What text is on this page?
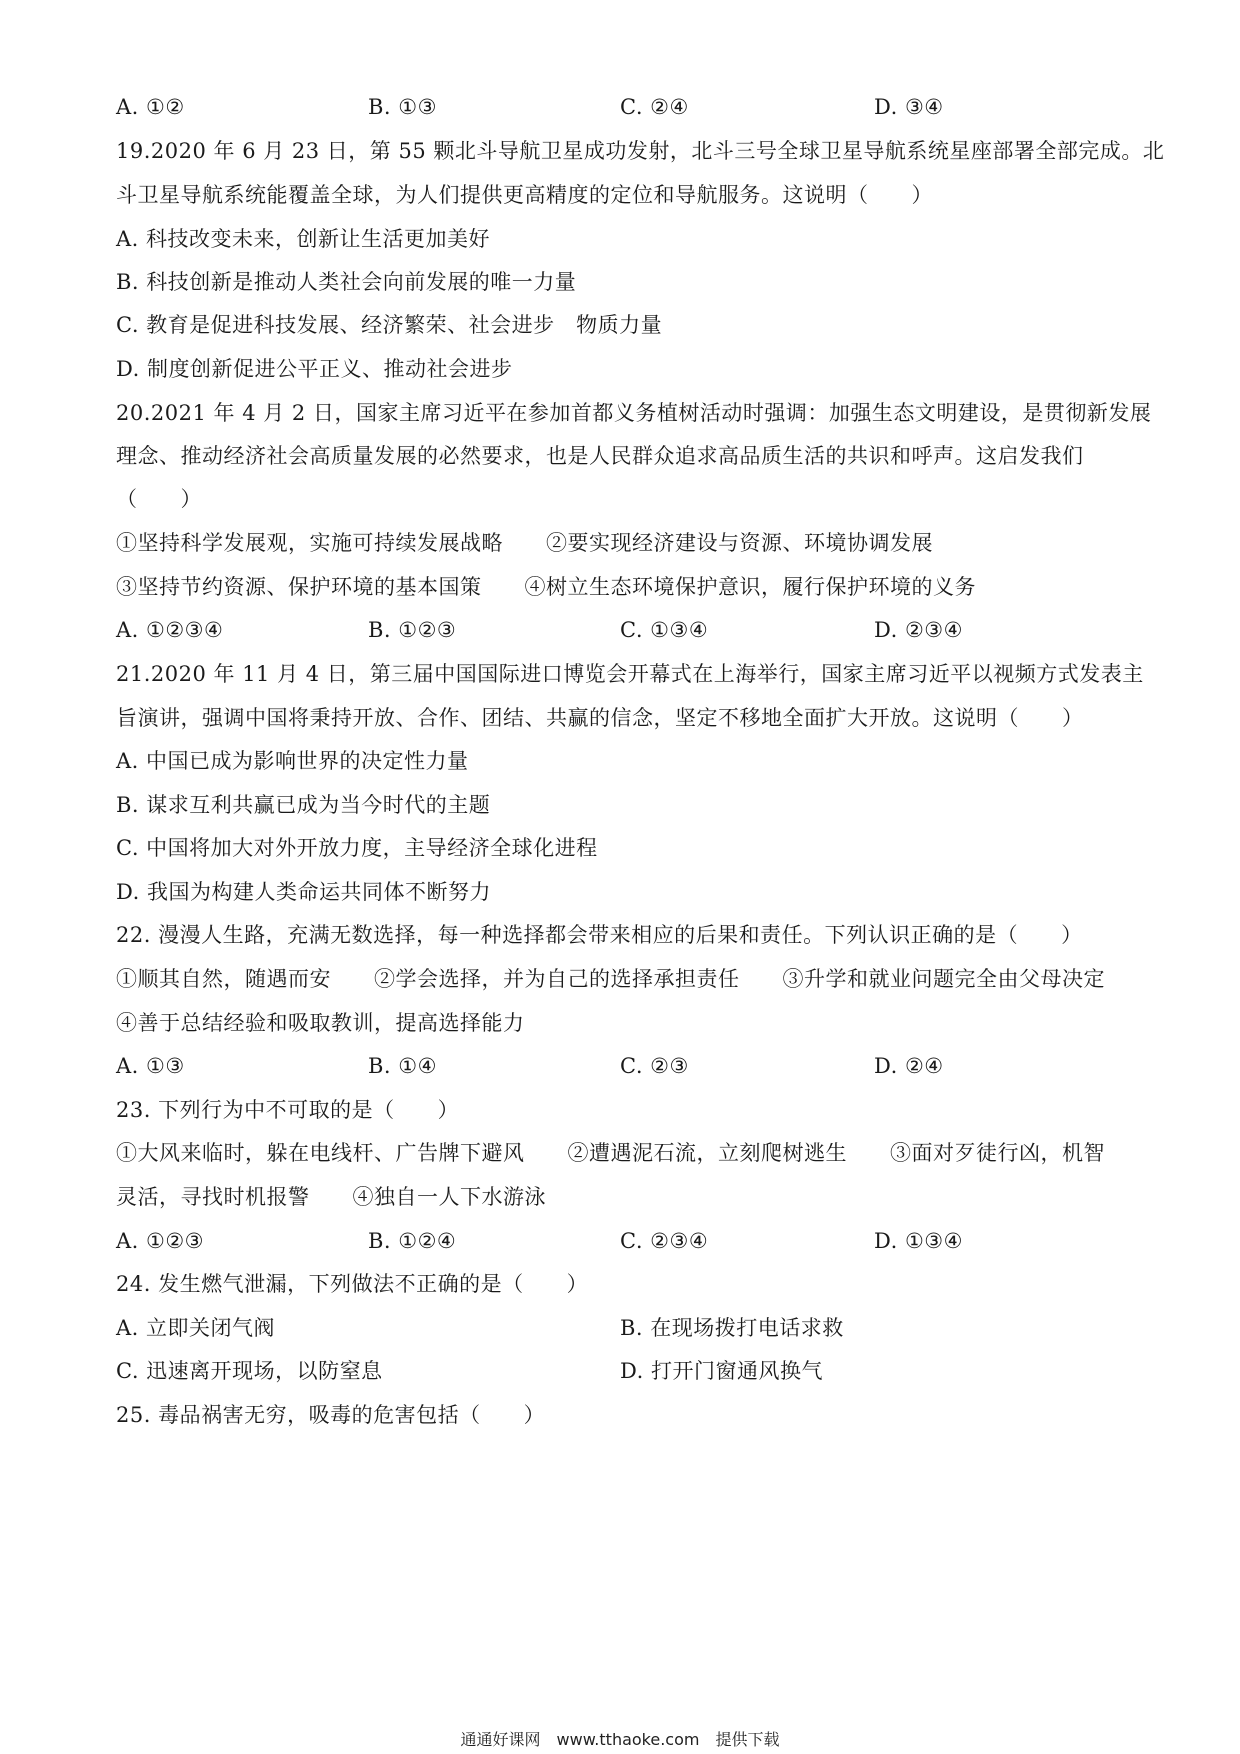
A. ①②	B. ①③	C. ②④	D. ③④
19.2020 年 6 月 23 日，第 55 颗北斗导航卫星成功发射，北斗三号全球卫星导航系统星座部署全部完成。北
斗卫星导航系统能覆盖全球，为人们提供更高精度的定位和导航服务。这说明（　　）
A. 科技改变未来，创新让生活更加美好
B. 科技创新是推动人类社会向前发展的唯一力量
C. 教育是促进科技发展、经济繁荣、社会进步　物质力量
D. 制度创新促进公平正义、推动社会进步
20.2021 年 4 月 2 日，国家主席习近平在参加首都义务植树活动时强调：加强生态文明建设，是贯彻新发展
理念、推动经济社会高质量发展的必然要求，也是人民群众追求高品质生活的共识和呼声。这启发我们
（　　）
①坚持科学发展观，实施可持续发展战略　　②要实现经济建设与资源、环境协调发展
③坚持节约资源、保护环境的基本国策　　④树立生态环境保护意识，履行保护环境的义务
A. ①②③④	B. ①②③	C. ①③④	D. ②③④
21.2020 年 11 月 4 日，第三届中国国际进口博览会开幕式在上海举行，国家主席习近平以视频方式发表主
旨演讲，强调中国将秉持开放、合作、团结、共赢的信念，坚定不移地全面扩大开放。这说明（　　）
A. 中国已成为影响世界的决定性力量
B. 谋求互利共赢已成为当今时代的主题
C. 中国将加大对外开放力度，主导经济全球化进程
D. 我国为构建人类命运共同体不断努力
22. 漫漫人生路，充满无数选择，每一种选择都会带来相应的后果和责任。下列认识正确的是（　　）
①顺其自然，随遇而安　　②学会选择，并为自己的选择承担责任　　③升学和就业问题完全由父母决定
④善于总结经验和吸取教训，提高选择能力
A. ①③	B. ①④	C. ②③	D. ②④
23. 下列行为中不可取的是（　　）
①大风来临时，躲在电线杆、广告牌下避风　　②遭遇泥石流，立刻爬树逃生　　③面对歹徒行凶，机智
灵活，寻找时机报警　　④独自一人下水游泳
A. ①②③	B. ①②④	C. ②③④	D. ①③④
24. 发生燃气泄漏，下列做法不正确的是（　　）
A. 立即关闭气阀	B. 在现场拨打电话求救
C. 迅速离开现场，以防窒息	D. 打开门窗通风换气
25. 毒品祸害无穷，吸毒的危害包括（　　）
通通好课网　www.tthaoke.com　提供下载
